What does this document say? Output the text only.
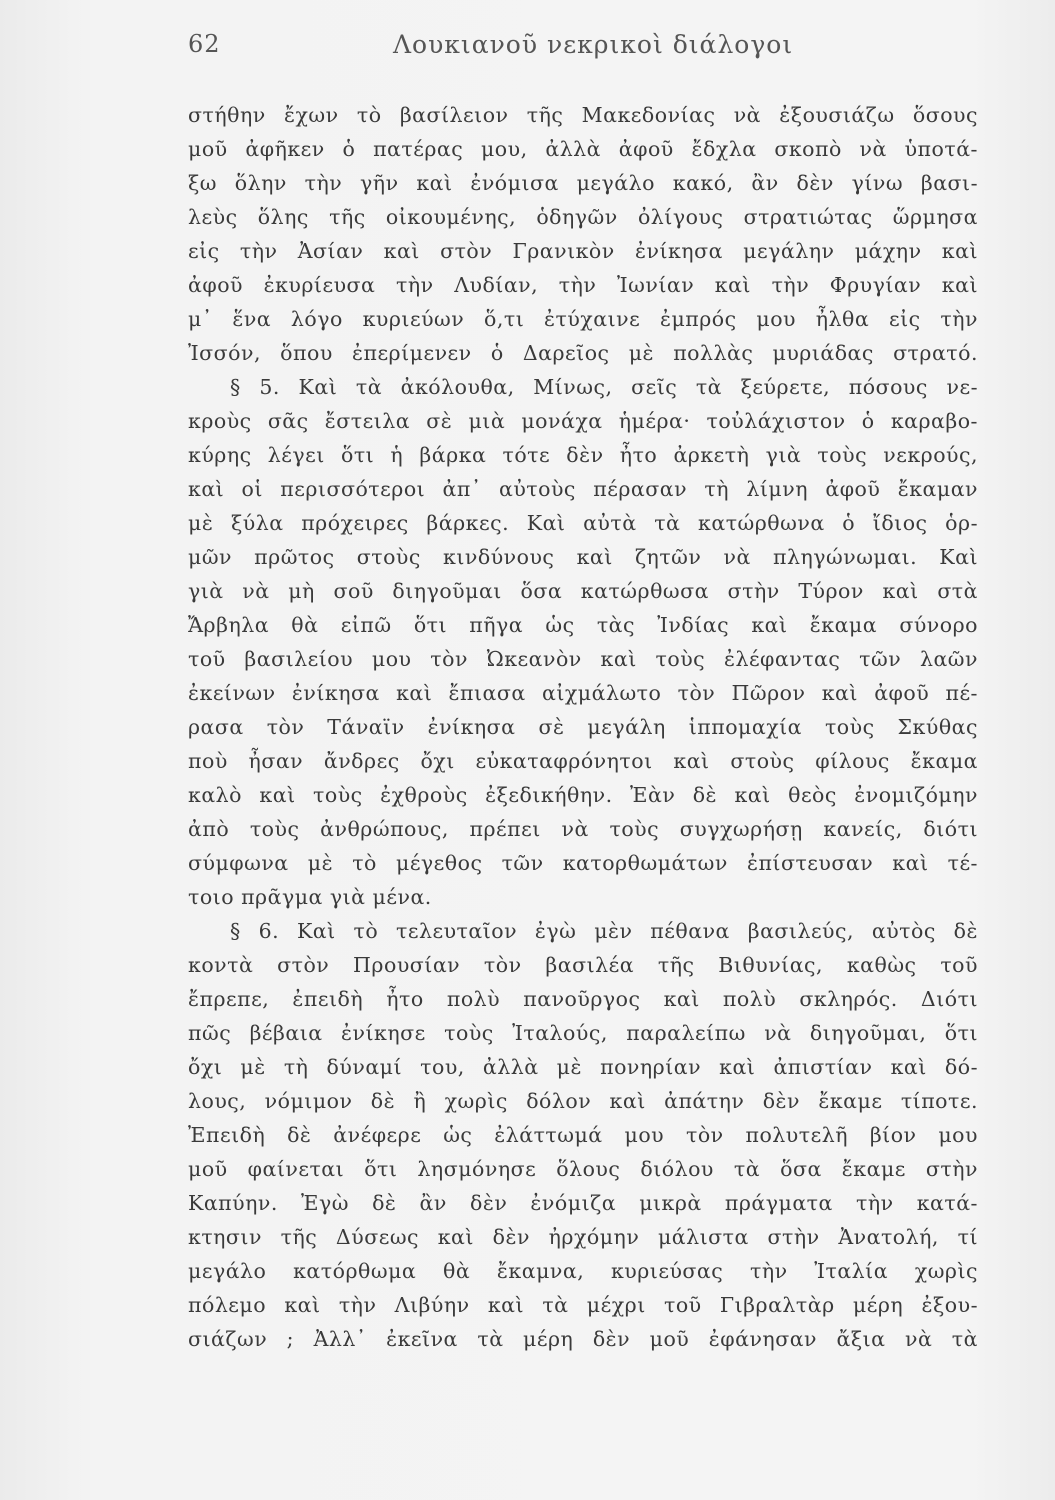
62	Λουκιανοῦ νεκρικοὶ διάλογοι
στήθην ἔχων τὸ βασίλειον τῆς Μακεδονίας νὰ ἐξουσιάζω ὅσους
μοῦ ἀφῆκεν ὁ πατέρας μου, ἀλλὰ ἀφοῦ ἔδχλα σκοπὸ νὰ ὑποτά-
ξω ὅλην τὴν γῆν καὶ ἐνόμισα μεγάλο κακό, ἂν δὲν γίνω βασι-
λεὺς ὅλης τῆς οἰκουμένης, ὁδηγῶν ὀλίγους στρατιώτας ὥρμησα
εἰς τὴν Ἀσίαν καὶ στὸν Γρανικὸν ἐνίκησα μεγάλην μάχην καὶ
ἀφοῦ ἐκυρίευσα τὴν Λυδίαν, τὴν Ἰωνίαν καὶ τὴν Φρυγίαν καὶ
μ᾽ ἕνα λόγο κυριεύων ὅ,τι ἐτύχαινε ἐμπρός μου ἦλθα εἰς τὴν
Ἰσσόν, ὅπου ἐπερίμενεν ὁ Δαρεῖος μὲ πολλὰς μυριάδας στρατό.
§ 5. Καὶ τὰ ἀκόλουθα, Μίνως, σεῖς τὰ ξεύρετε, πόσους νε-
κροὺς σᾶς ἔστειλα σὲ μιὰ μονάχα ἡμέρα· τοὐλάχιστον ὁ καραβο-
κύρης λέγει ὅτι ἡ βάρκα τότε δὲν ἦτο ἀρκετὴ γιὰ τοὺς νεκρούς,
καὶ οἱ περισσότεροι ἀπ᾽ αὐτοὺς πέρασαν τὴ λίμνη ἀφοῦ ἔκαμαν
μὲ ξύλα πρόχειρες βάρκες. Καὶ αὐτὰ τὰ κατώρθωνα ὁ ἴδιος ὁρ-
μῶν πρῶτος στοὺς κινδύνους καὶ ζητῶν νὰ πληγώνωμαι. Καὶ
γιὰ νὰ μὴ σοῦ διηγοῦμαι ὅσα κατώρθωσα στὴν Τύρον καὶ στὰ
Ἄρβηλα θὰ εἰπῶ ὅτι πῆγα ὡς τὰς Ἰνδίας καὶ ἔκαμα σύνορο
τοῦ βασιλείου μου τὸν Ὠκεανὸν καὶ τοὺς ἐλέφαντας τῶν λαῶν
ἐκείνων ἐνίκησα καὶ ἔπιασα αἰχμάλωτο τὸν Πῶρον καὶ ἀφοῦ πέ-
ρασα τὸν Τάναϊν ἐνίκησα σὲ μεγάλη ἱππομαχία τοὺς Σκύθας
ποὺ ἦσαν ἄνδρες ὄχι εὐκαταφρόνητοι καὶ στοὺς φίλους ἔκαμα
καλὸ καὶ τοὺς ἐχθροὺς ἐξεδικήθην. Ἐὰν δὲ καὶ θεὸς ἐνομιζόμην
ἀπὸ τοὺς ἀνθρώπους, πρέπει νὰ τοὺς συγχωρήσῃ κανείς, διότι
σύμφωνα μὲ τὸ μέγεθος τῶν κατορθωμάτων ἐπίστευσαν καὶ τέ-
τοιο πρᾶγμα γιὰ μένα.
§ 6. Καὶ τὸ τελευταῖον ἐγὼ μὲν πέθανα βασιλεύς, αὐτὸς δὲ
κοντὰ στὸν Προυσίαν τὸν βασιλέα τῆς Βιθυνίας, καθὼς τοῦ
ἔπρεπε, ἐπειδὴ ἦτο πολὺ πανοῦργος καὶ πολὺ σκληρός. Διότι
πῶς βέβαια ἐνίκησε τοὺς Ἰταλούς, παραλείπω νὰ διηγοῦμαι, ὅτι
ὄχι μὲ τὴ δύναμί του, ἀλλὰ μὲ πονηρίαν καὶ ἀπιστίαν καὶ δό-
λους, νόμιμον δὲ ἢ χωρὶς δόλον καὶ ἀπάτην δὲν ἔκαμε τίποτε.
Ἐπειδὴ δὲ ἀνέφερε ὡς ἐλάττωμά μου τὸν πολυτελῆ βίον μου
μοῦ φαίνεται ὅτι λησμόνησε ὅλους διόλου τὰ ὅσα ἔκαμε στὴν
Καπύην. Ἐγὼ δὲ ἂν δὲν ἐνόμιζα μικρὰ πράγματα τὴν κατά-
κτησιν τῆς Δύσεως καὶ δὲν ἠρχόμην μάλιστα στὴν Ἀνατολή, τί
μεγάλο κατόρθωμα θὰ ἔκαμνα, κυριεύσας τὴν Ἰταλία χωρὶς
πόλεμο καὶ τὴν Λιβύην καὶ τὰ μέχρι τοῦ Γιβραλτὰρ μέρη ἐξου-
σιάζων ; Ἀλλ᾽ ἐκεῖνα τὰ μέρη δὲν μοῦ ἐφάνησαν ἄξια νὰ τὰ
